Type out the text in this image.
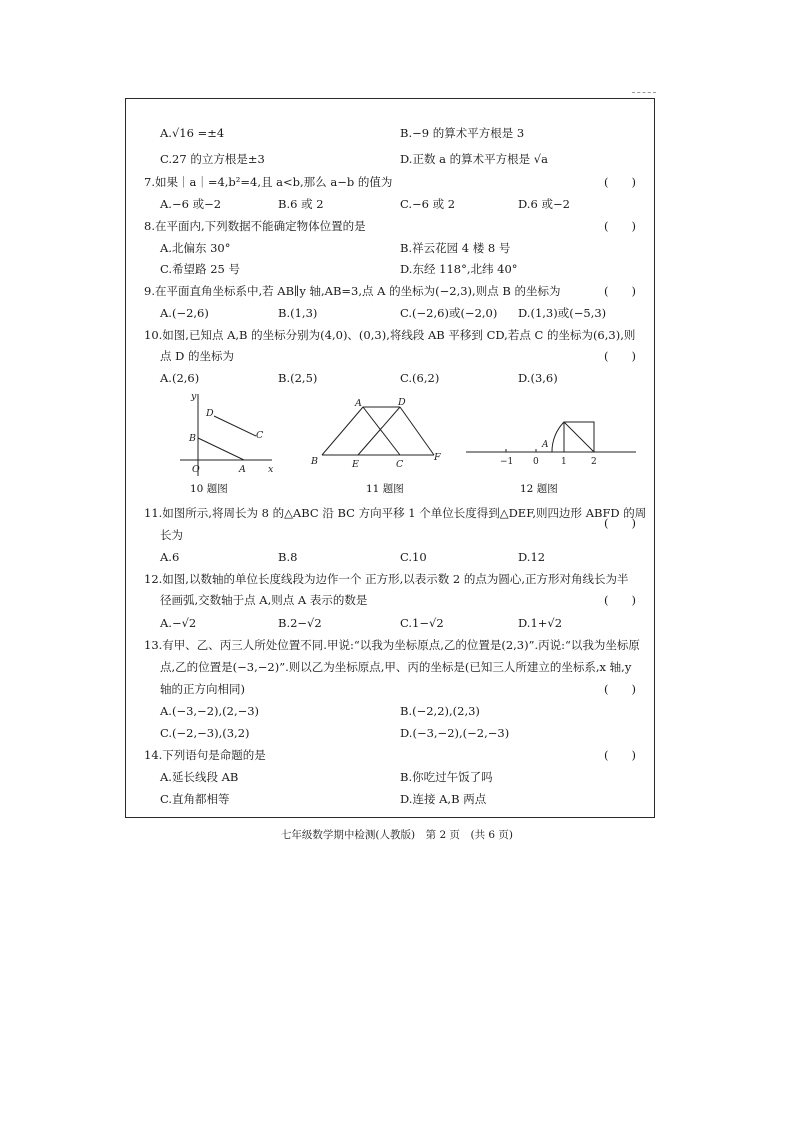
A.√16 =±4	B.−9 的算术平方根是 3
C.27 的立方根是±3	D.正数 a 的算术平方根是 √a
7.如果｜a｜=4,b²=4,且 a<b,那么 a−b 的值为	(　　)
A.−6 或−2	B.6 或 2	C.−6 或 2	D.6 或−2
8.在平面内,下列数据不能确定物体位置的是	(　　)
A.北偏东 30°	B.祥云花园 4 楼 8 号
C.希望路 25 号	D.东经 118°,北纬 40°
9.在平面直角坐标系中,若 AB∥y 轴,AB=3,点 A 的坐标为(−2,3),则点 B 的坐标为	(　　)
A.(−2,6)	B.(1,3)	C.(−2,6)或(−2,0) D.(1,3)或(−5,3)
10.如图,已知点 A,B 的坐标分别为(4,0)、(0,3),将线段 AB 平移到 CD,若点 C 的坐标为(6,3),则
点 D 的坐标为	(　　)
A.(2,6)	B.(2,5)	C.(6,2)	D.(3,6)
y
x
O	A
B
D
C
10 题图
A	D
B	E	C
F
11 题图
−1 0 1	2
A
12 题图
11.如图所示,将周长为 8 的△ABC 沿 BC 方向平移 1 个单位长度得到△DEF,则四边形 ABFD 的周
长为
(　　)
A.6	B.8	C.10	D.12
12.如图,以数轴的单位长度线段为边作一个 正方形,以表示数 2 的点为圆心,正方形对角线长为半
径画弧,交数轴于点 A,则点 A 表示的数是	(　　)
A.−√2	B.2−√2	C.1−√2	D.1+√2
13.有甲、乙、丙三人所处位置不同.甲说:“以我为坐标原点,乙的位置是(2,3)”.丙说:“以我为坐标原
点,乙的位置是(−3,−2)”.则以乙为坐标原点,甲、丙的坐标是(已知三人所建立的坐标系,x 轴,y
轴的正方向相同)	(　　)
A.(−3,−2),(2,−3)	B.(−2,2),(2,3)
C.(−2,−3),(3,2)	D.(−3,−2),(−2,−3)
14.下列语句是命题的是	(　　)
A.延长线段 AB	B.你吃过午饭了吗
C.直角都相等	D.连接 A,B 两点
七年级数学期中检测(人教版)　第 2 页　(共 6 页)
